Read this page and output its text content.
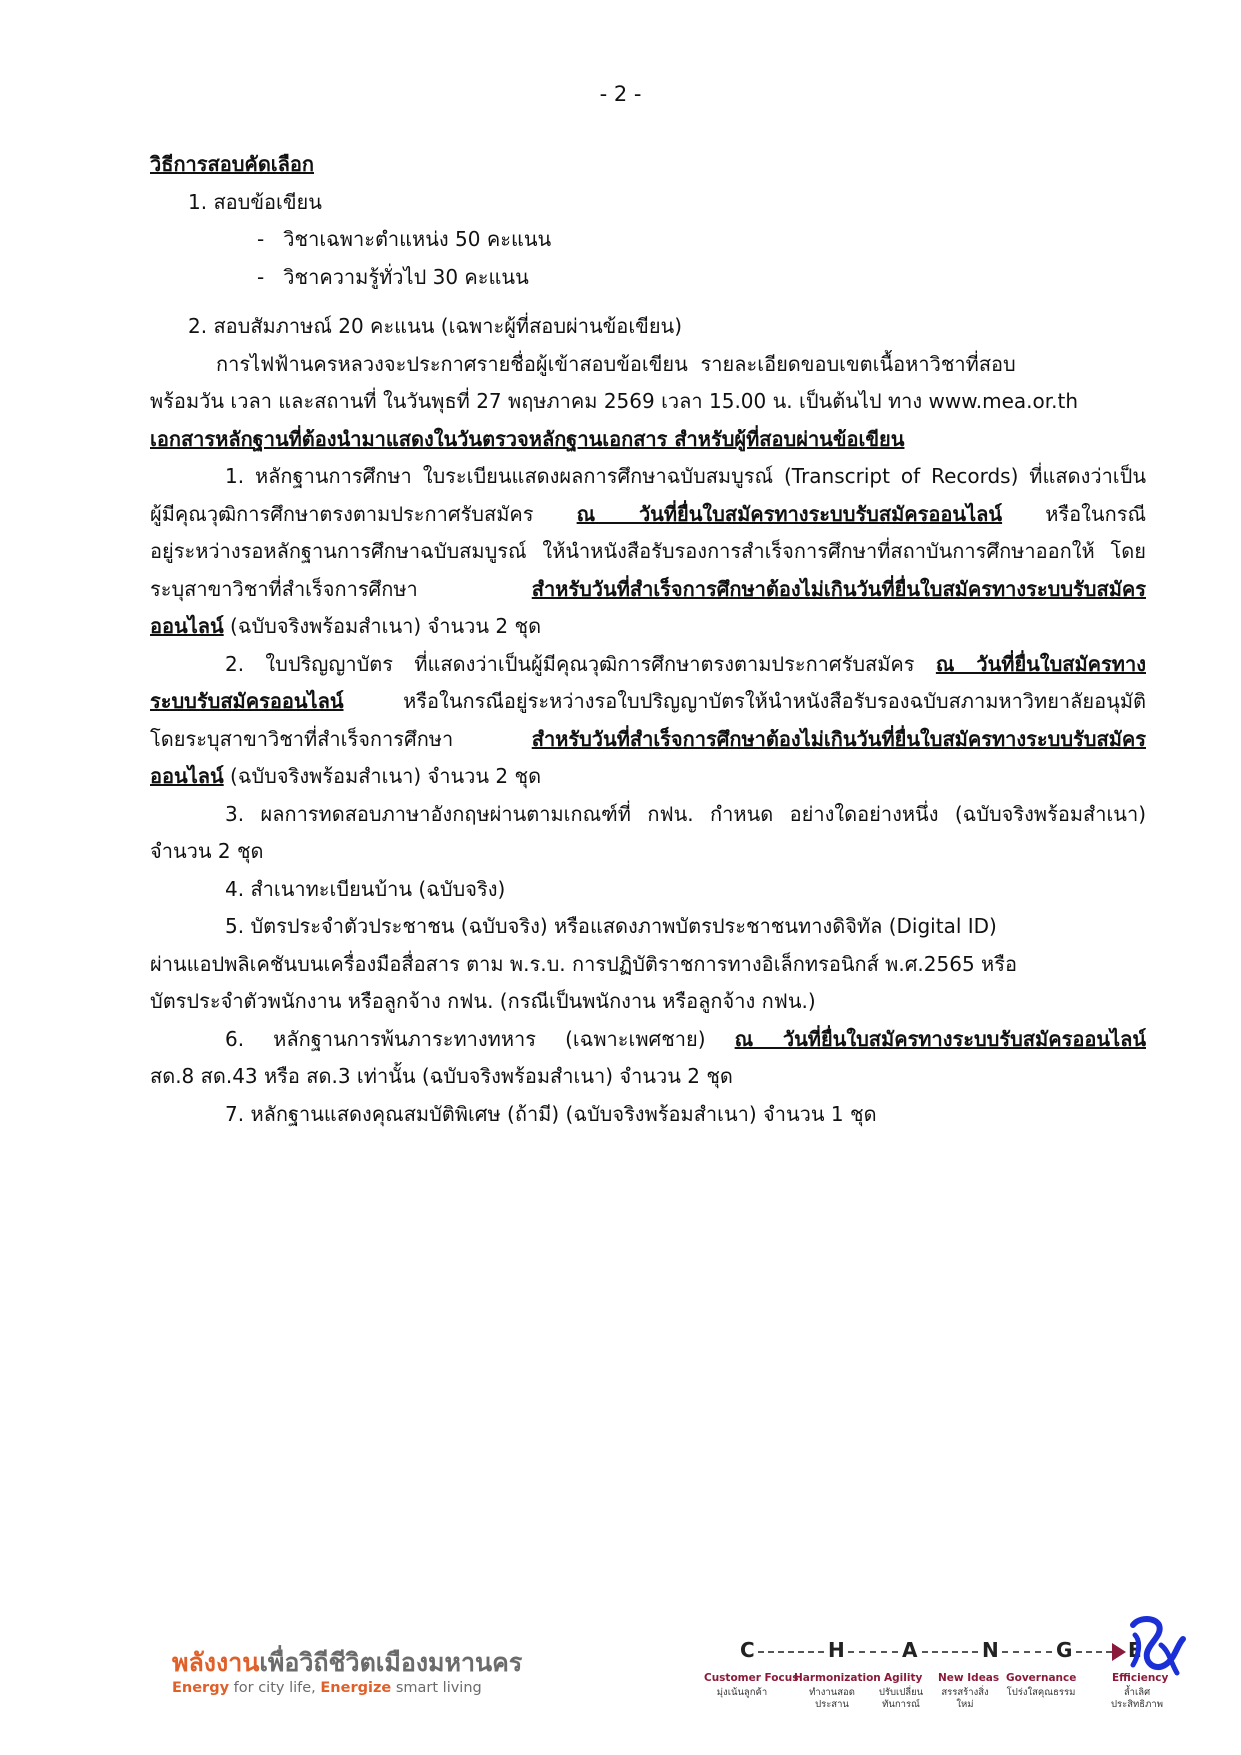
- 2 -
วิธีการสอบคัดเลือก
1. สอบข้อเขียน
-   วิชาเฉพาะตำแหน่ง 50 คะแนน
-   วิชาความรู้ทั่วไป 30 คะแนน
2. สอบสัมภาษณ์ 20 คะแนน (เฉพาะผู้ที่สอบผ่านข้อเขียน)
การไฟฟ้านครหลวงจะประกาศรายชื่อผู้เข้าสอบข้อเขียน  รายละเอียดขอบเขตเนื้อหาวิชาที่สอบ
พร้อมวัน เวลา และสถานที่ ในวันพุธที่ 27 พฤษภาคม 2569 เวลา 15.00 น. เป็นต้นไป ทาง www.mea.or.th
เอกสารหลักฐานที่ต้องนำมาแสดงในวันตรวจหลักฐานเอกสาร สำหรับผู้ที่สอบผ่านข้อเขียน
1. หลักฐานการศึกษา ใบระเบียนแสดงผลการศึกษาฉบับสมบูรณ์ (Transcript of Records) ที่แสดงว่าเป็น
ผู้มีคุณวุฒิการศึกษาตรงตามประกาศรับสมัคร ณ วันที่ยื่นใบสมัครทางระบบรับสมัครออนไลน์ หรือในกรณี
อยู่ระหว่างรอหลักฐานการศึกษาฉบับสมบูรณ์ ให้นำหนังสือรับรองการสำเร็จการศึกษาที่สถาบันการศึกษาออกให้ โดย
ระบุสาขาวิชาที่สำเร็จการศึกษา สำหรับวันที่สำเร็จการศึกษาต้องไม่เกินวันที่ยื่นใบสมัครทางระบบรับสมัคร
ออนไลน์ (ฉบับจริงพร้อมสำเนา) จำนวน 2 ชุด
2. ใบปริญญาบัตร ที่แสดงว่าเป็นผู้มีคุณวุฒิการศึกษาตรงตามประกาศรับสมัคร ณ วันที่ยื่นใบสมัครทาง
ระบบรับสมัครออนไลน์ หรือในกรณีอยู่ระหว่างรอใบปริญญาบัตรให้นำหนังสือรับรองฉบับสภามหาวิทยาลัยอนุมัติ
โดยระบุสาขาวิชาที่สำเร็จการศึกษา สำหรับวันที่สำเร็จการศึกษาต้องไม่เกินวันที่ยื่นใบสมัครทางระบบรับสมัคร
ออนไลน์ (ฉบับจริงพร้อมสำเนา) จำนวน 2 ชุด
3. ผลการทดสอบภาษาอังกฤษผ่านตามเกณฑ์ที่ กฟน. กำหนด อย่างใดอย่างหนึ่ง (ฉบับจริงพร้อมสำเนา)
จำนวน 2 ชุด
4. สำเนาทะเบียนบ้าน (ฉบับจริง)
5. บัตรประจำตัวประชาชน (ฉบับจริง) หรือแสดงภาพบัตรประชาชนทางดิจิทัล (Digital ID)
ผ่านแอปพลิเคชันบนเครื่องมือสื่อสาร ตาม พ.ร.บ. การปฏิบัติราชการทางอิเล็กทรอนิกส์ พ.ศ.2565 หรือ
บัตรประจำตัวพนักงาน หรือลูกจ้าง กฟน. (กรณีเป็นพนักงาน หรือลูกจ้าง กฟน.)
6. หลักฐานการพ้นภาระทางทหาร (เฉพาะเพศชาย) ณ วันที่ยื่นใบสมัครทางระบบรับสมัครออนไลน์
สด.8 สด.43 หรือ สด.3 เท่านั้น (ฉบับจริงพร้อมสำเนา) จำนวน 2 ชุด
7. หลักฐานแสดงคุณสมบัติพิเศษ (ถ้ามี) (ฉบับจริงพร้อมสำเนา) จำนวน 1 ชุด
พลังงานเพื่อวิถีชีวิตเมืองมหานคร
Energy for city life, Energize smart living
C	H	A	N	G	E
Customer Focus
Harmonization Agility New Ideas Governance	Efficiency
มุ่งเน้นลูกค้า	ทำงานสอดประสาน
ปรับเปลี่ยนทันการณ์
สรรสร้างสิ่งใหม่
โปร่งใสคุณธรรม	ล้ำเลิศประสิทธิภาพ
